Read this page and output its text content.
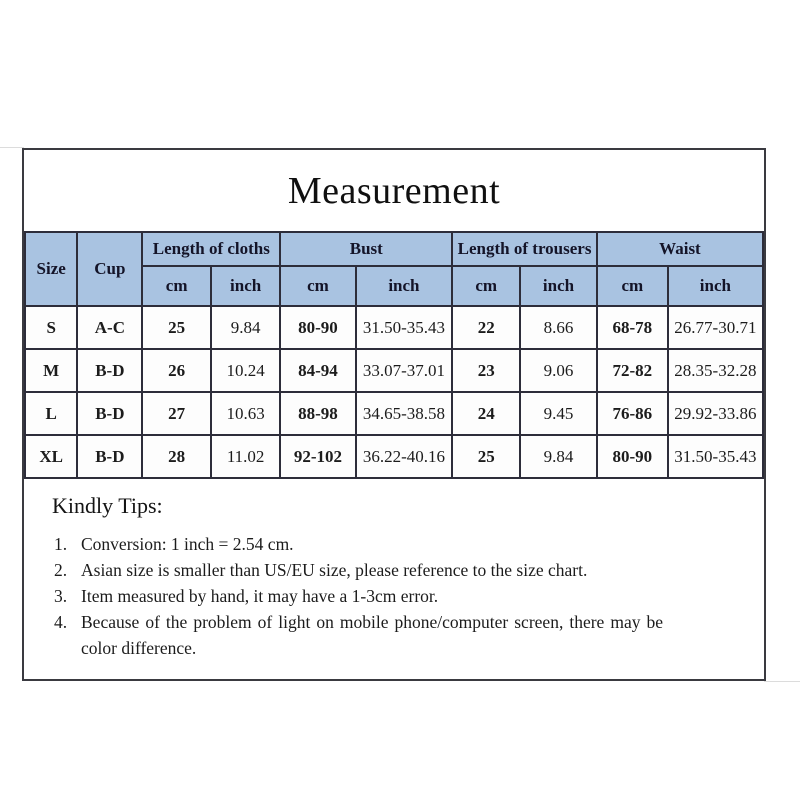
Measurement
Size	Cup	Length of cloths		Bust		Length of trousers		Waist	
		cm	inch	cm	inch	cm	inch	cm	inch
S	A-C	25	9.84	80-90	31.50-35.43	22	8.66	68-78	26.77-30.71
M	B-D	26	10.24	84-94	33.07-37.01	23	9.06	72-82	28.35-32.28
L	B-D	27	10.63	88-98	34.65-38.58	24	9.45	76-86	29.92-33.86
XL	B-D	28	11.02	92-102	36.22-40.16	25	9.84	80-90	31.50-35.43
Kindly Tips:
1. Conversion: 1 inch = 2.54 cm.
2. Asian size is smaller than US/EU size, please reference to the size chart.
3. Item measured by hand, it may have a 1-3cm error.
4. Because of the problem of light on mobile phone/computer screen, there may be color difference.
